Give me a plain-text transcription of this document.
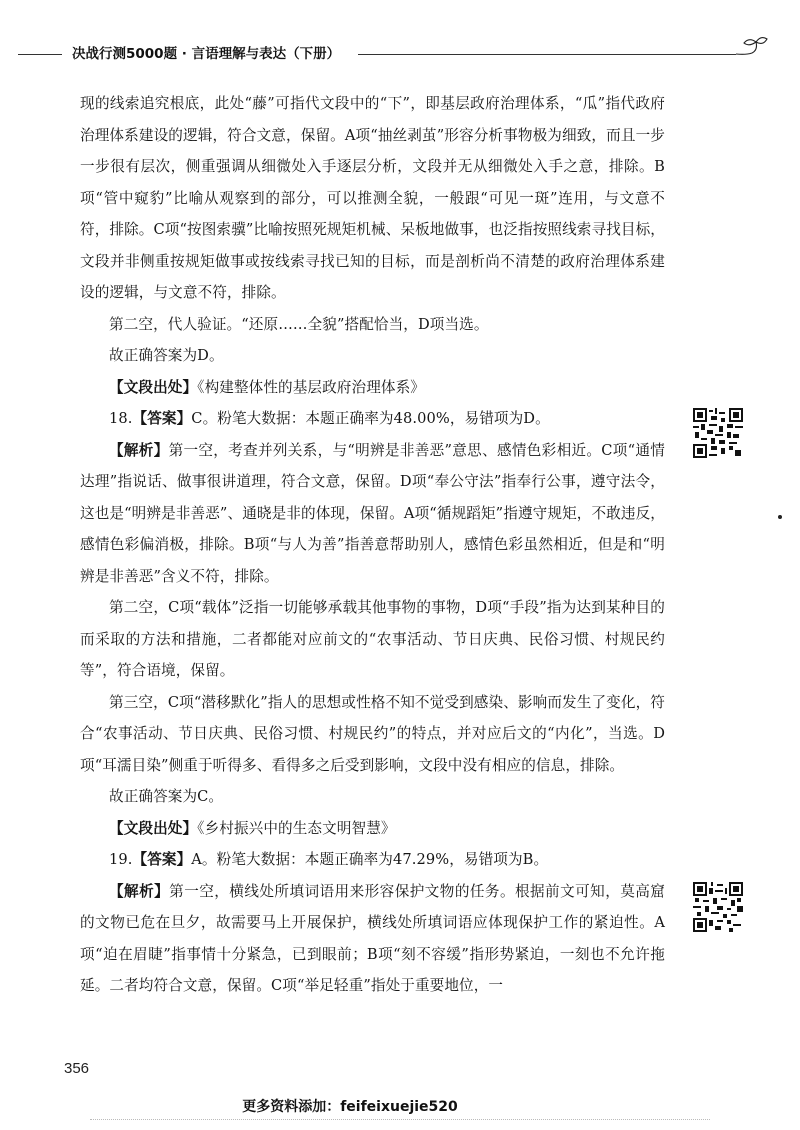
决战行测5000题 · 言语理解与表达（下册）

现的线索追究根底，此处“藤”可指代文段中的“下”，即基层政府治理体系，“瓜”指代政府治理体系建设的逻辑，符合文意，保留。A项“抽丝剥茧”形容分析事物极为细致，而且一步一步很有层次，侧重强调从细微处入手逐层分析，文段并无从细微处入手之意，排除。B项“管中窥豹”比喻从观察到的部分，可以推测全貌，一般跟“可见一斑”连用，与文意不符，排除。C项“按图索骥”比喻按照死规矩机械、呆板地做事，也泛指按照线索寻找目标，文段并非侧重按规矩做事或按线索寻找已知的目标，而是剖析尚不清楚的政府治理体系建设的逻辑，与文意不符，排除。

第二空，代人验证。“还原……全貌”搭配恰当，D项当选。

故正确答案为D。

【文段出处】《构建整体性的基层政府治理体系》

18.【答案】C。粉笔大数据：本题正确率为48.00%，易错项为D。

【解析】第一空，考查并列关系，与“明辨是非善恶”意思、感情色彩相近。C项“通情达理”指说话、做事很讲道理，符合文意，保留。D项“奉公守法”指奉行公事，遵守法令，这也是“明辨是非善恶”、通晓是非的体现，保留。A项“循规蹈矩”指遵守规矩，不敢违反，感情色彩偏消极，排除。B项“与人为善”指善意帮助别人，感情色彩虽然相近，但是和“明辨是非善恶”含义不符，排除。

第二空，C项“载体”泛指一切能够承载其他事物的事物，D项“手段”指为达到某种目的而采取的方法和措施，二者都能对应前文的“农事活动、节日庆典、民俗习惯、村规民约等”，符合语境，保留。

第三空，C项“潜移默化”指人的思想或性格不知不觉受到感染、影响而发生了变化，符合“农事活动、节日庆典、民俗习惯、村规民约”的特点，并对应后文的“内化”，当选。D项“耳濡目染”侧重于听得多、看得多之后受到影响，文段中没有相应的信息，排除。

故正确答案为C。

【文段出处】《乡村振兴中的生态文明智慧》

19.【答案】A。粉笔大数据：本题正确率为47.29%，易错项为B。

【解析】第一空，横线处所填词语用来形容保护文物的任务。根据前文可知，莫高窟的文物已危在旦夕，故需要马上开展保护，横线处所填词语应体现保护工作的紧迫性。A项“迫在眉睫”指事情十分紧急，已到眼前；B项“刻不容缓”指形势紧迫，一刻也不允许拖延。二者均符合文意，保留。C项“举足轻重”指处于重要地位，一

356
更多资料添加：feifeixuejie520
